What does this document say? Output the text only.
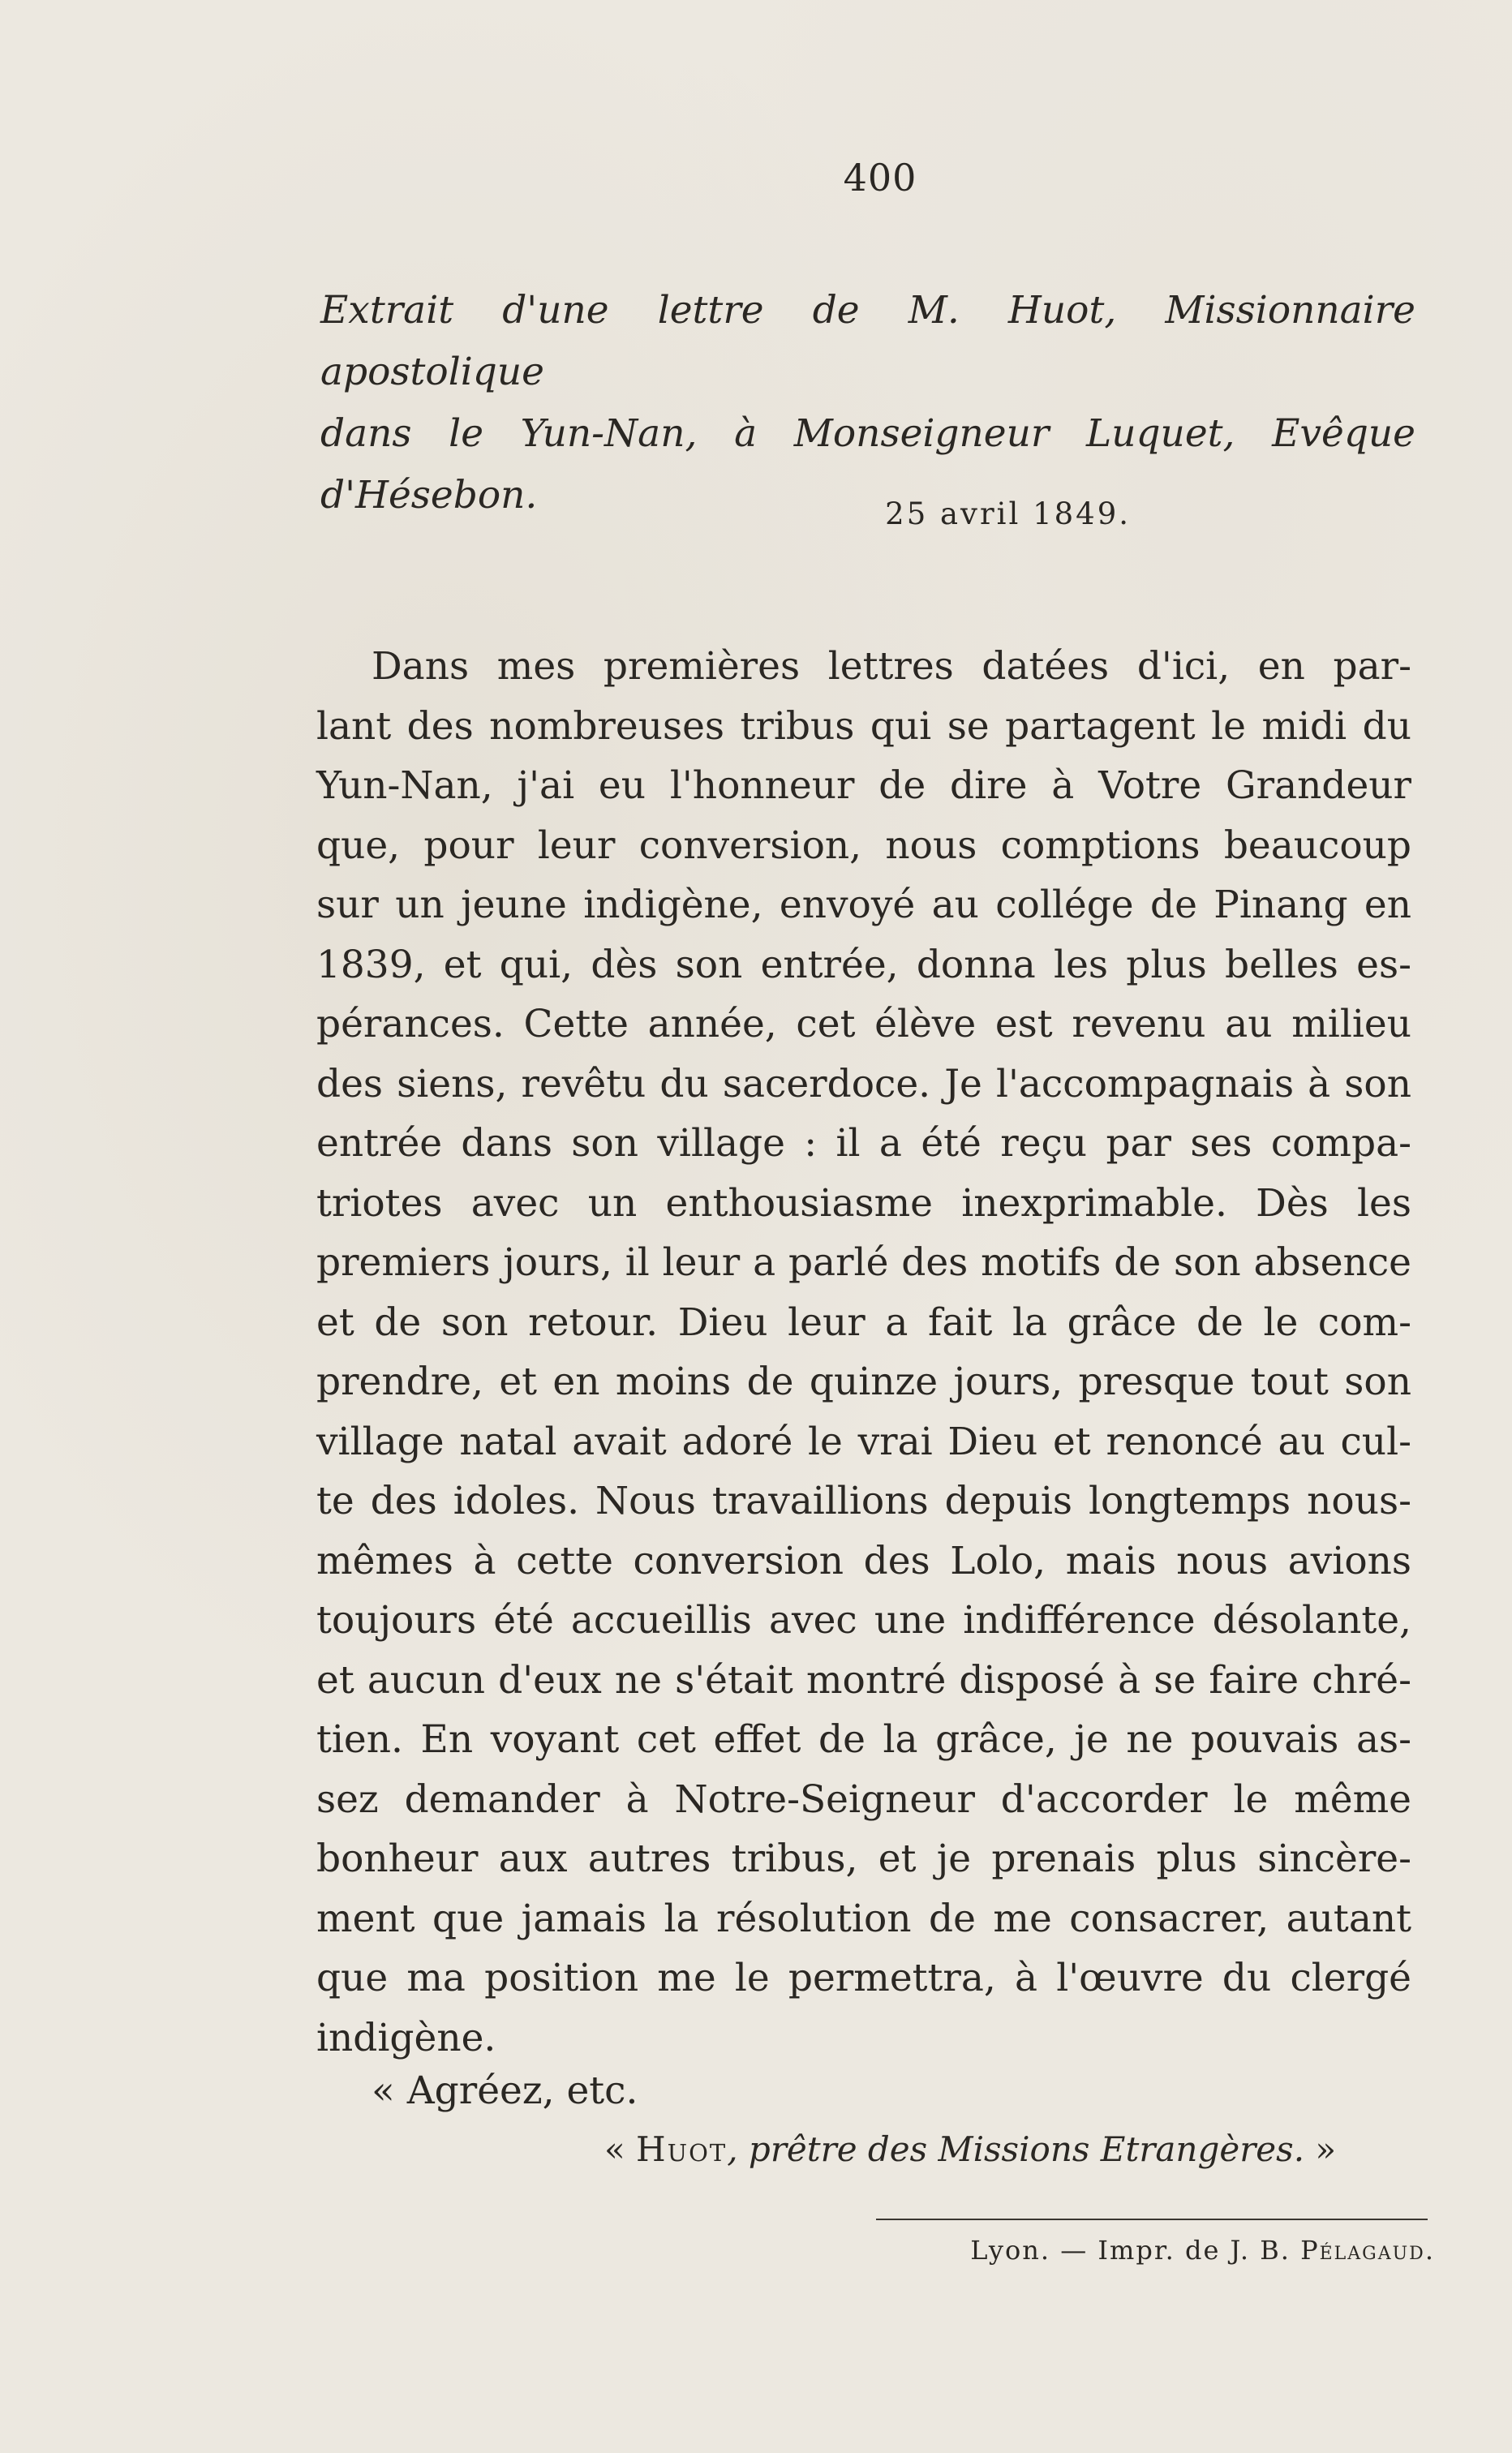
400
Extrait d'une lettre de M. Huot, Missionnaire apostolique
dans le Yun-Nan, à Monseigneur Luquet, Evêque
d'Hésebon.	25 avril 1849.
Dans mes premières lettres datées d'ici, en par-
lant des nombreuses tribus qui se partagent le midi du
Yun-Nan, j'ai eu l'honneur de dire à Votre Grandeur
que, pour leur conversion, nous comptions beaucoup
sur un jeune indigène, envoyé au collége de Pinang en
1839, et qui, dès son entrée, donna les plus belles es-
pérances. Cette année, cet élève est revenu au milieu
des siens, revêtu du sacerdoce. Je l'accompagnais à son
entrée dans son village : il a été reçu par ses compa-
triotes avec un enthousiasme inexprimable. Dès les
premiers jours, il leur a parlé des motifs de son absence
et de son retour. Dieu leur a fait la grâce de le com-
prendre, et en moins de quinze jours, presque tout son
village natal avait adoré le vrai Dieu et renoncé au cul-
te des idoles. Nous travaillions depuis longtemps nous-
mêmes à cette conversion des Lolo, mais nous avions
toujours été accueillis avec une indifférence désolante,
et aucun d'eux ne s'était montré disposé à se faire chré-
tien. En voyant cet effet de la grâce, je ne pouvais as-
sez demander à Notre-Seigneur d'accorder le même
bonheur aux autres tribus, et je prenais plus sincère-
ment que jamais la résolution de me consacrer, autant
que ma position me le permettra, à l'œuvre du clergé
indigène.
« Agréez, etc.
« Huot, prêtre des Missions Etrangères. »
Lyon. — Impr. de J. B. Pélagaud.
